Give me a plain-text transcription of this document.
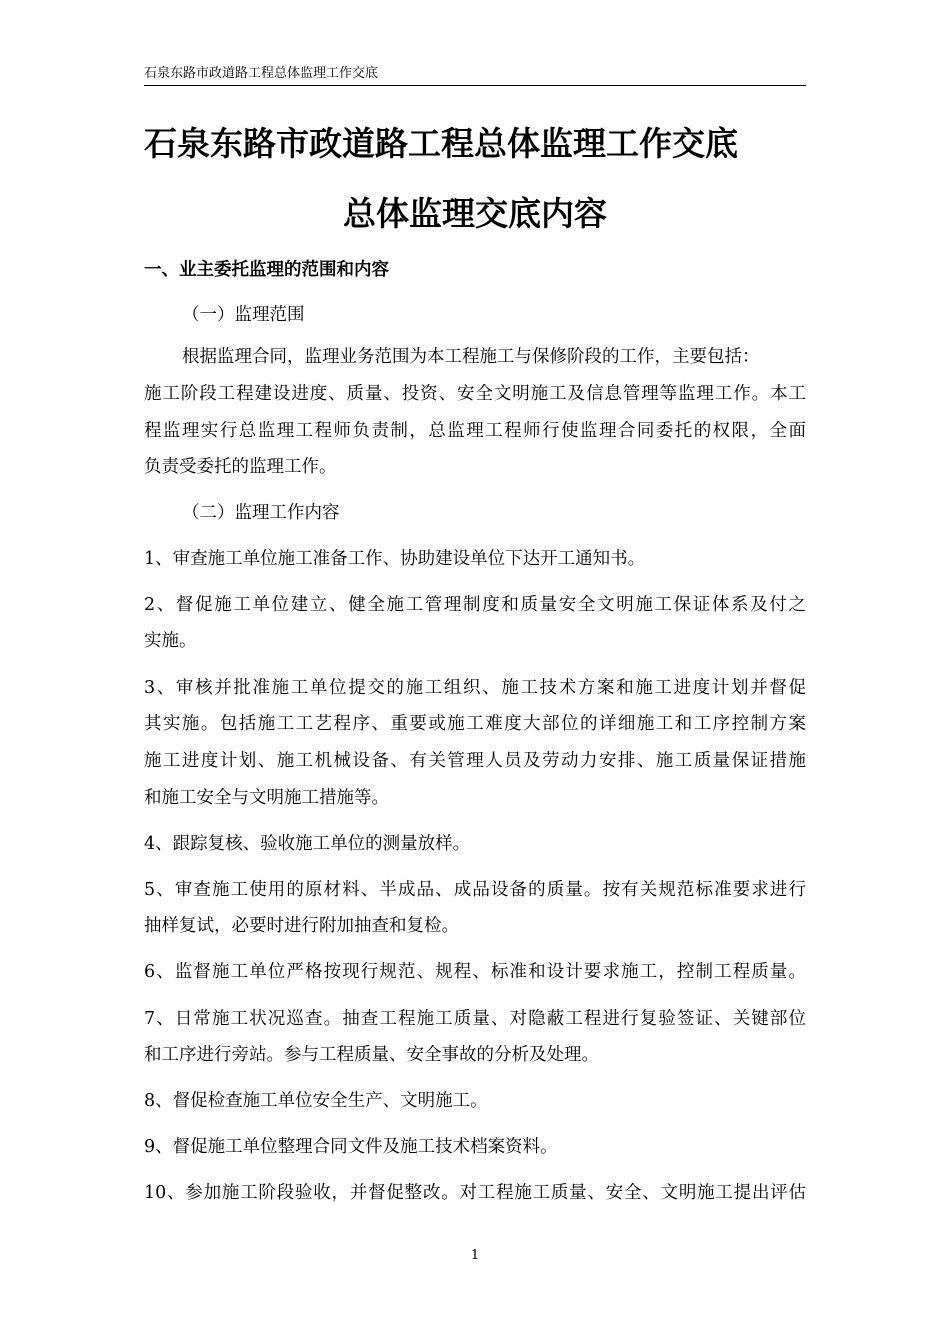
石泉东路市政道路工程总体监理工作交底
石泉东路市政道路工程总体监理工作交底
总体监理交底内容
一、业主委托监理的范围和内容
（一）监理范围
根据监理合同，监理业务范围为本工程施工与保修阶段的工作，主要包括：
施工阶段工程建设进度、质量、投资、安全文明施工及信息管理等监理工作。本工
程监理实行总监理工程师负责制，总监理工程师行使监理合同委托的权限，全面
负责受委托的监理工作。
（二）监理工作内容
1、审查施工单位施工准备工作、协助建设单位下达开工通知书。
2、督促施工单位建立、健全施工管理制度和质量安全文明施工保证体系及付之
实施。
3、审核并批准施工单位提交的施工组织、施工技术方案和施工进度计划并督促
其实施。包括施工工艺程序、重要或施工难度大部位的详细施工和工序控制方案
施工进度计划、施工机械设备、有关管理人员及劳动力安排、施工质量保证措施
和施工安全与文明施工措施等。
4、跟踪复核、验收施工单位的测量放样。
5、审查施工使用的原材料、半成品、成品设备的质量。按有关规范标准要求进行
抽样复试，必要时进行附加抽查和复检。
6、监督施工单位严格按现行规范、规程、标准和设计要求施工，控制工程质量。
7、日常施工状况巡查。抽查工程施工质量、对隐蔽工程进行复验签证、关键部位
和工序进行旁站。参与工程质量、安全事故的分析及处理。
8、督促检查施工单位安全生产、文明施工。
9、督促施工单位整理合同文件及施工技术档案资料。
10、参加施工阶段验收，并督促整改。对工程施工质量、安全、文明施工提出评估
1
